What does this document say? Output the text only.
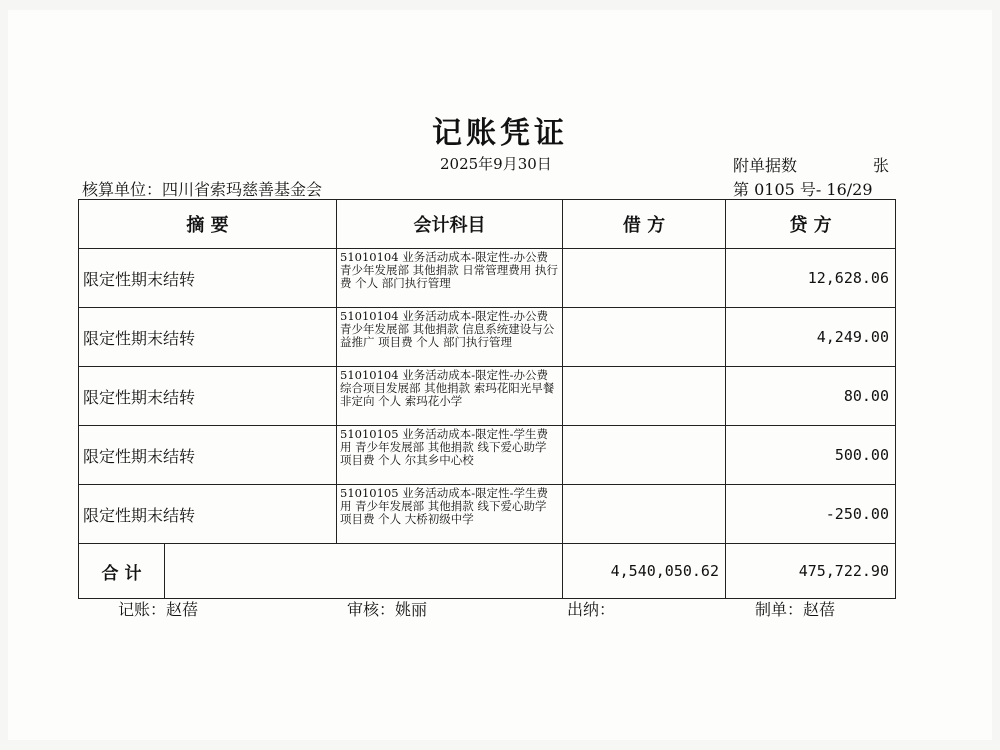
记账凭证
2025年9月30日	附单据数	张
核算单位：四川省索玛慈善基金会	第 0105 号- 16/29
摘 要		会计科目	借 方	贷 方
限定性期末结转		51010104 业务活动成本-限定性-办公费 青少年发展部 其他捐款 日常管理费用 执行费 个人 部门执行管理		12,628.06
限定性期末结转		51010104 业务活动成本-限定性-办公费 青少年发展部 其他捐款 信息系统建设与公益推广 项目费 个人 部门执行管理		4,249.00
限定性期末结转		51010104 业务活动成本-限定性-办公费 综合项目发展部 其他捐款 索玛花阳光早餐 非定向 个人 索玛花小学		80.00
限定性期末结转		51010105 业务活动成本-限定性-学生费用 青少年发展部 其他捐款 线下爱心助学 项目费 个人 尔其乡中心校		500.00
限定性期末结转		51010105 业务活动成本-限定性-学生费用 青少年发展部 其他捐款 线下爱心助学 项目费 个人 大桥初级中学		-250.00
合 计			4,540,050.62	475,722.90
记账：赵蓓	审核：姚丽	出纳：	制单：赵蓓
